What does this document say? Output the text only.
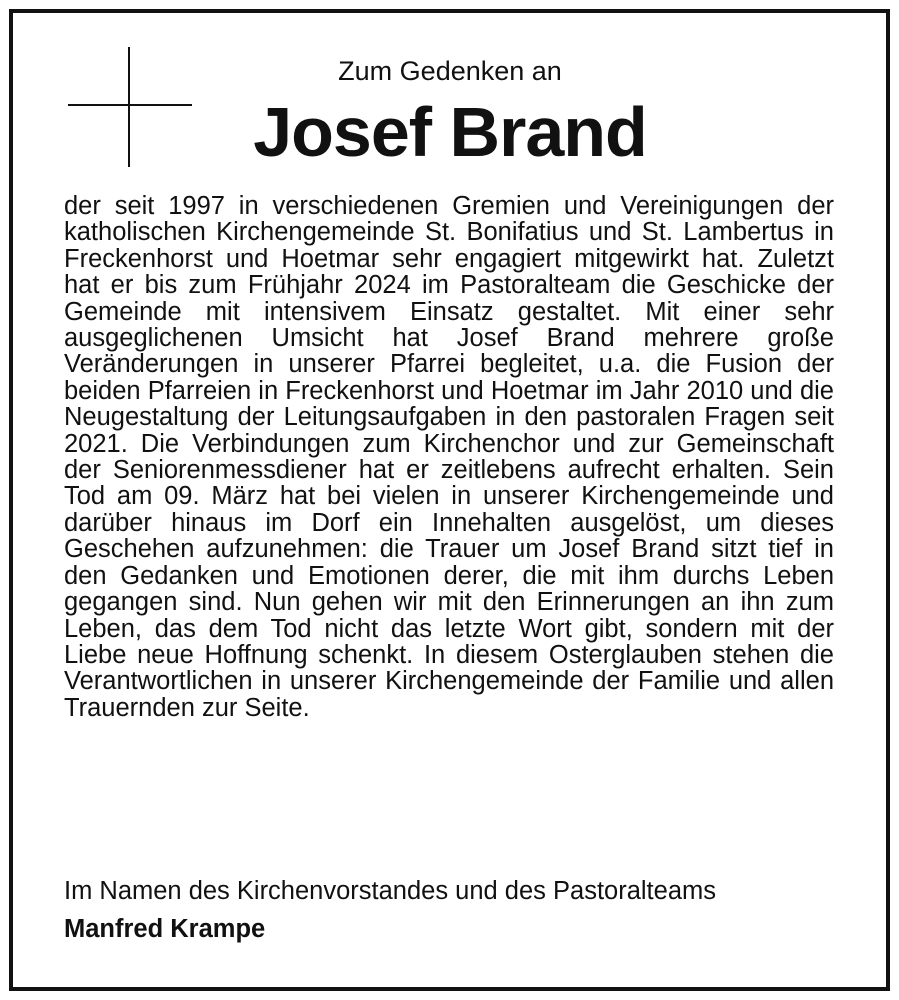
Zum Gedenken an
Josef Brand

der seit 1997 in verschiedenen Gremien und Vereinigungen der katholischen Kirchengemeinde St. Bonifatius und St. Lambertus in Freckenhorst und Hoetmar sehr engagiert mitgewirkt hat. Zuletzt hat er bis zum Frühjahr 2024 im Pastoralteam die Geschicke der Gemeinde mit intensivem Einsatz gestaltet. Mit einer sehr ausgeglichenen Umsicht hat Josef Brand mehrere große Veränderungen in unserer Pfarrei begleitet, u.a. die Fusion der beiden Pfarreien in Freckenhorst und Hoetmar im Jahr 2010 und die Neugestaltung der Leitungsaufgaben in den pastoralen Fragen seit 2021. Die Verbindungen zum Kirchenchor und zur Gemeinschaft der Seniorenmessdiener hat er zeitlebens aufrecht erhalten. Sein Tod am 09. März hat bei vielen in unserer Kirchengemeinde und darüber hinaus im Dorf ein Innehalten ausgelöst, um dieses Geschehen aufzunehmen: die Trauer um Josef Brand sitzt tief in den Gedanken und Emotionen derer, die mit ihm durchs Leben gegangen sind. Nun gehen wir mit den Erinnerungen an ihn zum Leben, das dem Tod nicht das letzte Wort gibt, sondern mit der Liebe neue Hoffnung schenkt. In diesem Osterglauben stehen die Verantwortlichen in unserer Kirchengemeinde der Familie und allen Trauernden zur Seite.

Im Namen des Kirchenvorstandes und des Pastoralteams
Manfred Krampe
